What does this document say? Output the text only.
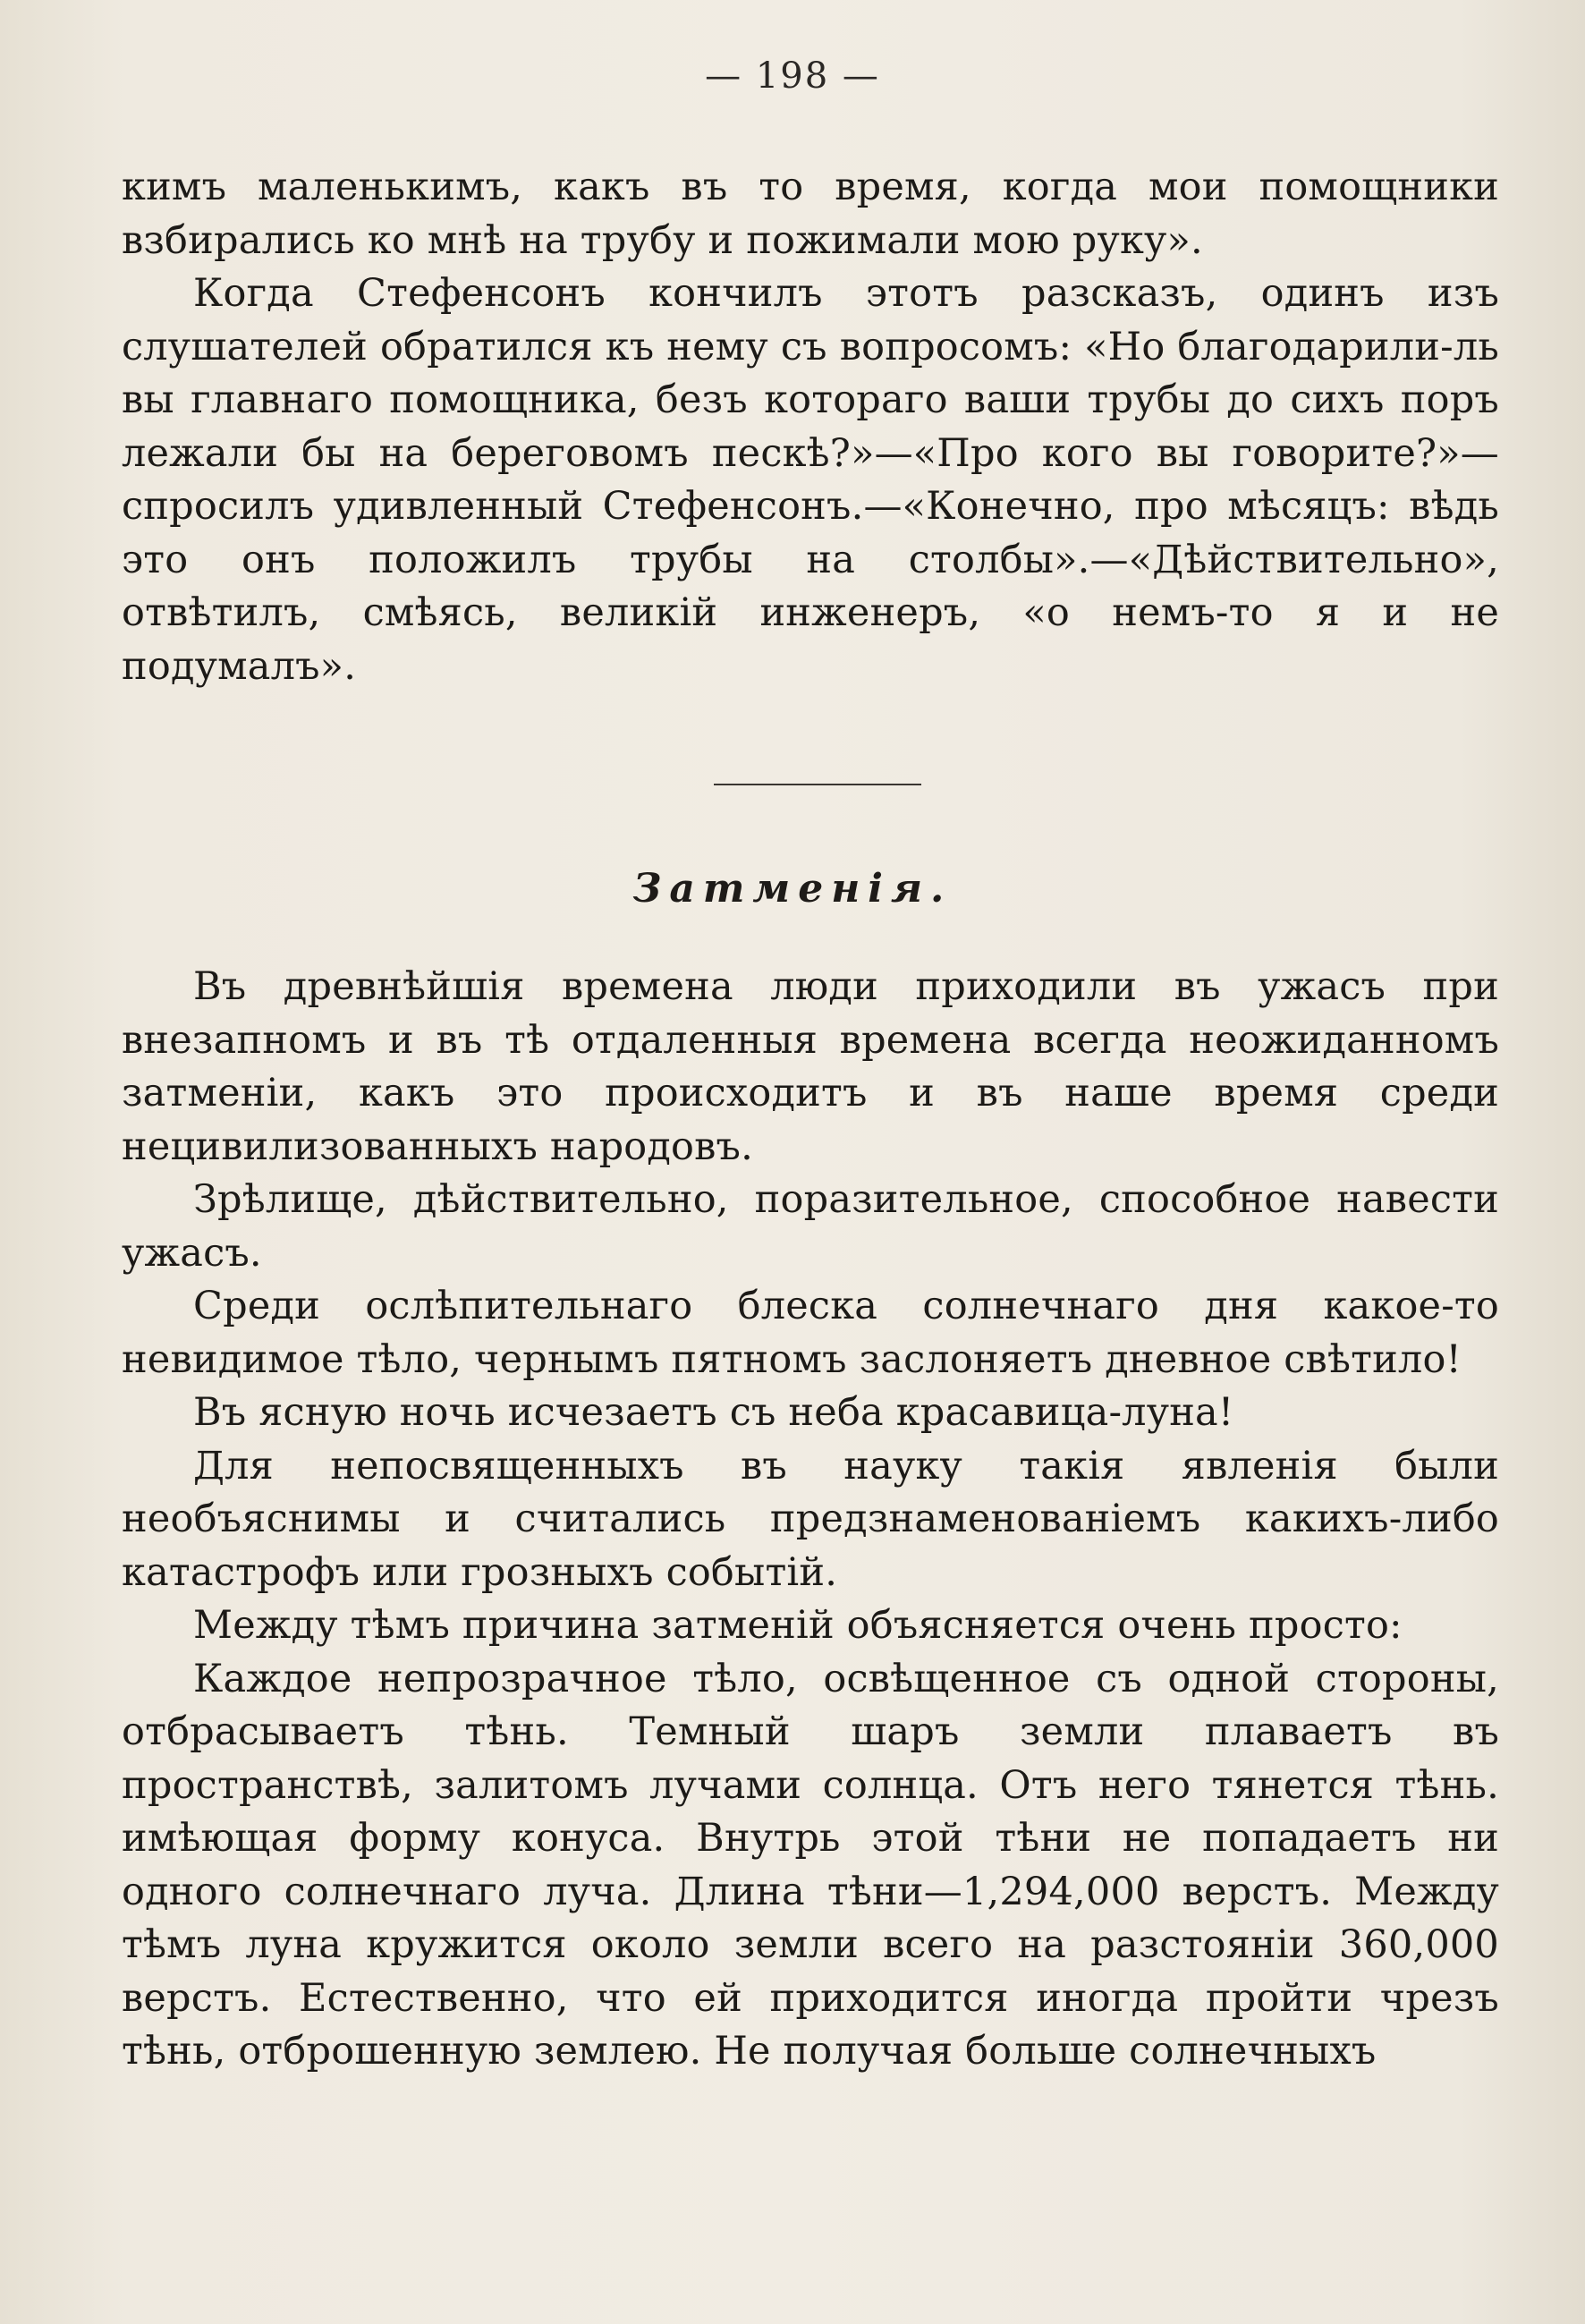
— 198 —

кимъ маленькимъ, какъ въ то время, когда мои помощники взбирались ко мнѣ на трубу и пожимали мою руку».

Когда Стефенсонъ кончилъ этотъ разсказъ, одинъ изъ слушателей обратился къ нему съ вопросомъ: «Но благодарили-ль вы главнаго помощника, безъ котораго ваши трубы до сихъ поръ лежали бы на береговомъ пескѣ?»—«Про кого вы говорите?»—спросилъ удивленный Стефенсонъ.—«Конечно, про мѣсяцъ: вѣдь это онъ положилъ трубы на столбы».—«Дѣйствительно», отвѣтилъ, смѣясь, великій инженеръ, «о немъ-то я и не подумалъ».

Затменія.

Въ древнѣйшія времена люди приходили въ ужасъ при внезапномъ и въ тѣ отдаленныя времена всегда неожиданномъ затменіи, какъ это происходитъ и въ наше время среди нецивилизованныхъ народовъ.

Зрѣлище, дѣйствительно, поразительное, способное навести ужасъ.

Среди ослѣпительнаго блеска солнечнаго дня какое-то невидимое тѣло, чернымъ пятномъ заслоняетъ дневное свѣтило!

Въ ясную ночь исчезаетъ съ неба красавица-луна!

Для непосвященныхъ въ науку такія явленія были необъяснимы и считались предзнаменованіемъ какихъ-либо катастрофъ или грозныхъ событій.

Между тѣмъ причина затменій объясняется очень просто:

Каждое непрозрачное тѣло, освѣщенное съ одной стороны, отбрасываетъ тѣнь. Темный шаръ земли плаваетъ въ пространствѣ, залитомъ лучами солнца. Отъ него тянется тѣнь. имѣющая форму конуса. Внутрь этой тѣни не попадаетъ ни одного солнечнаго луча. Длина тѣни—1,294,000 верстъ. Между тѣмъ луна кружится около земли всего на разстояніи 360,000 верстъ. Естественно, что ей приходится иногда пройти чрезъ тѣнь, отброшенную землею. Не получая больше солнечныхъ
